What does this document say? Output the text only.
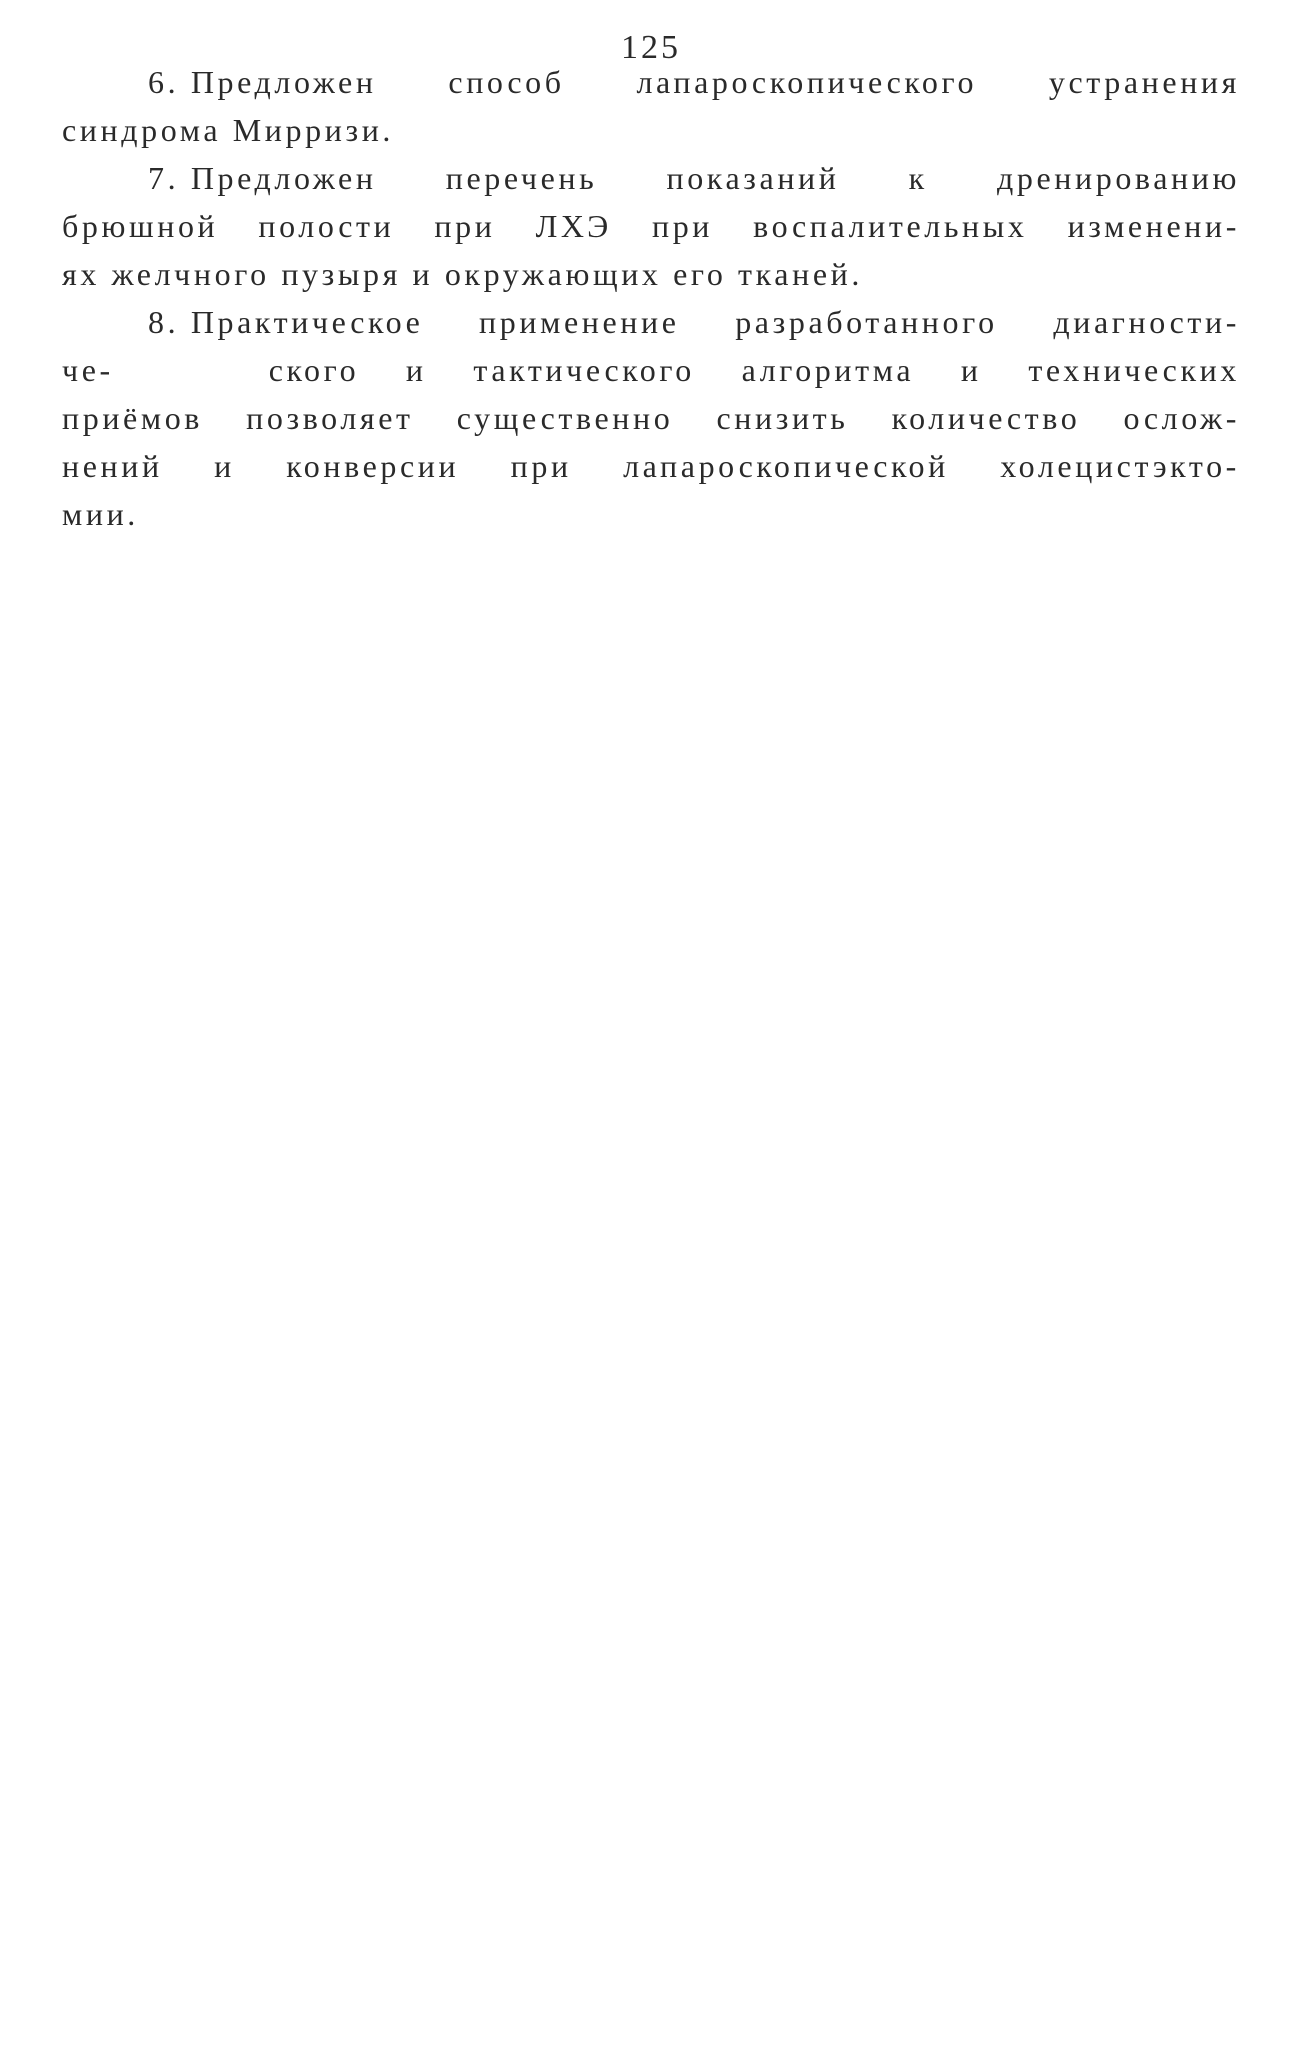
125
6. Предложен способ лапароскопического устранения
синдрома Мирризи.
7. Предложен перечень показаний к дренированию
брюшной полости при ЛХЭ при воспалительных изменени-
ях желчного пузыря и окружающих его тканей.
8. Практическое применение разработанного диагности-
че-	ского и тактического алгоритма и технических
приёмов позволяет существенно снизить количество ослож-
нений и конверсии при лапароскопической холецистэкто-
мии.
